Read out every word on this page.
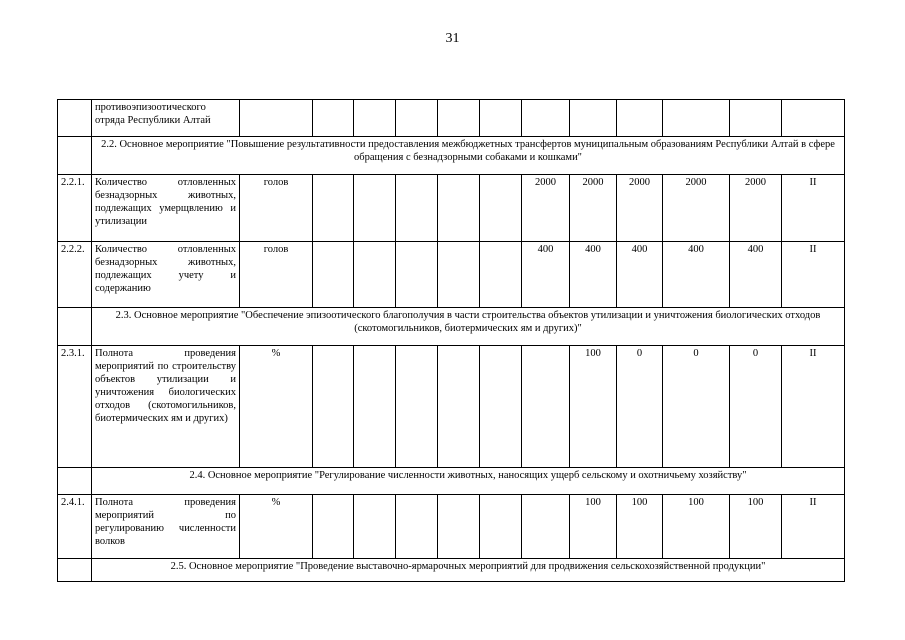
31
	противоэпизоотического отряда Республики Алтай												
	2.2. Основное мероприятие "Повышение результативности предоставления межбюджетных трансфертов муниципальным образованиям Республики Алтай в сфере обращения с безнадзорными собаками и кошками"												
2.2.1.	Количество отловленных безнадзорных животных, подлежащих умерщвлению и утилизации	голов						2000	2000	2000	2000	2000	II
2.2.2.	Количество отловленных безнадзорных животных, подлежащих учету и содержанию	голов						400	400	400	400	400	II
	2.3. Основное мероприятие "Обеспечение эпизоотического благополучия в части строительства объектов утилизации и уничтожения биологических отходов (скотомогильников, биотермических ям и других)"												
2.3.1.	Полнота проведения мероприятий по строительству объектов утилизации и уничтожения биологических отходов (скотомогильников, биотермических ям и других)	%							100	0	0	0	II
	2.4. Основное мероприятие "Регулирование численности животных, наносящих ущерб сельскому и охотничьему хозяйству"												
2.4.1.	Полнота проведения мероприятий по регулированию численности волков	%							100	100	100	100	II
	2.5. Основное мероприятие "Проведение выставочно-ярмарочных мероприятий для продвижения сельскохозяйственной продукции"												
